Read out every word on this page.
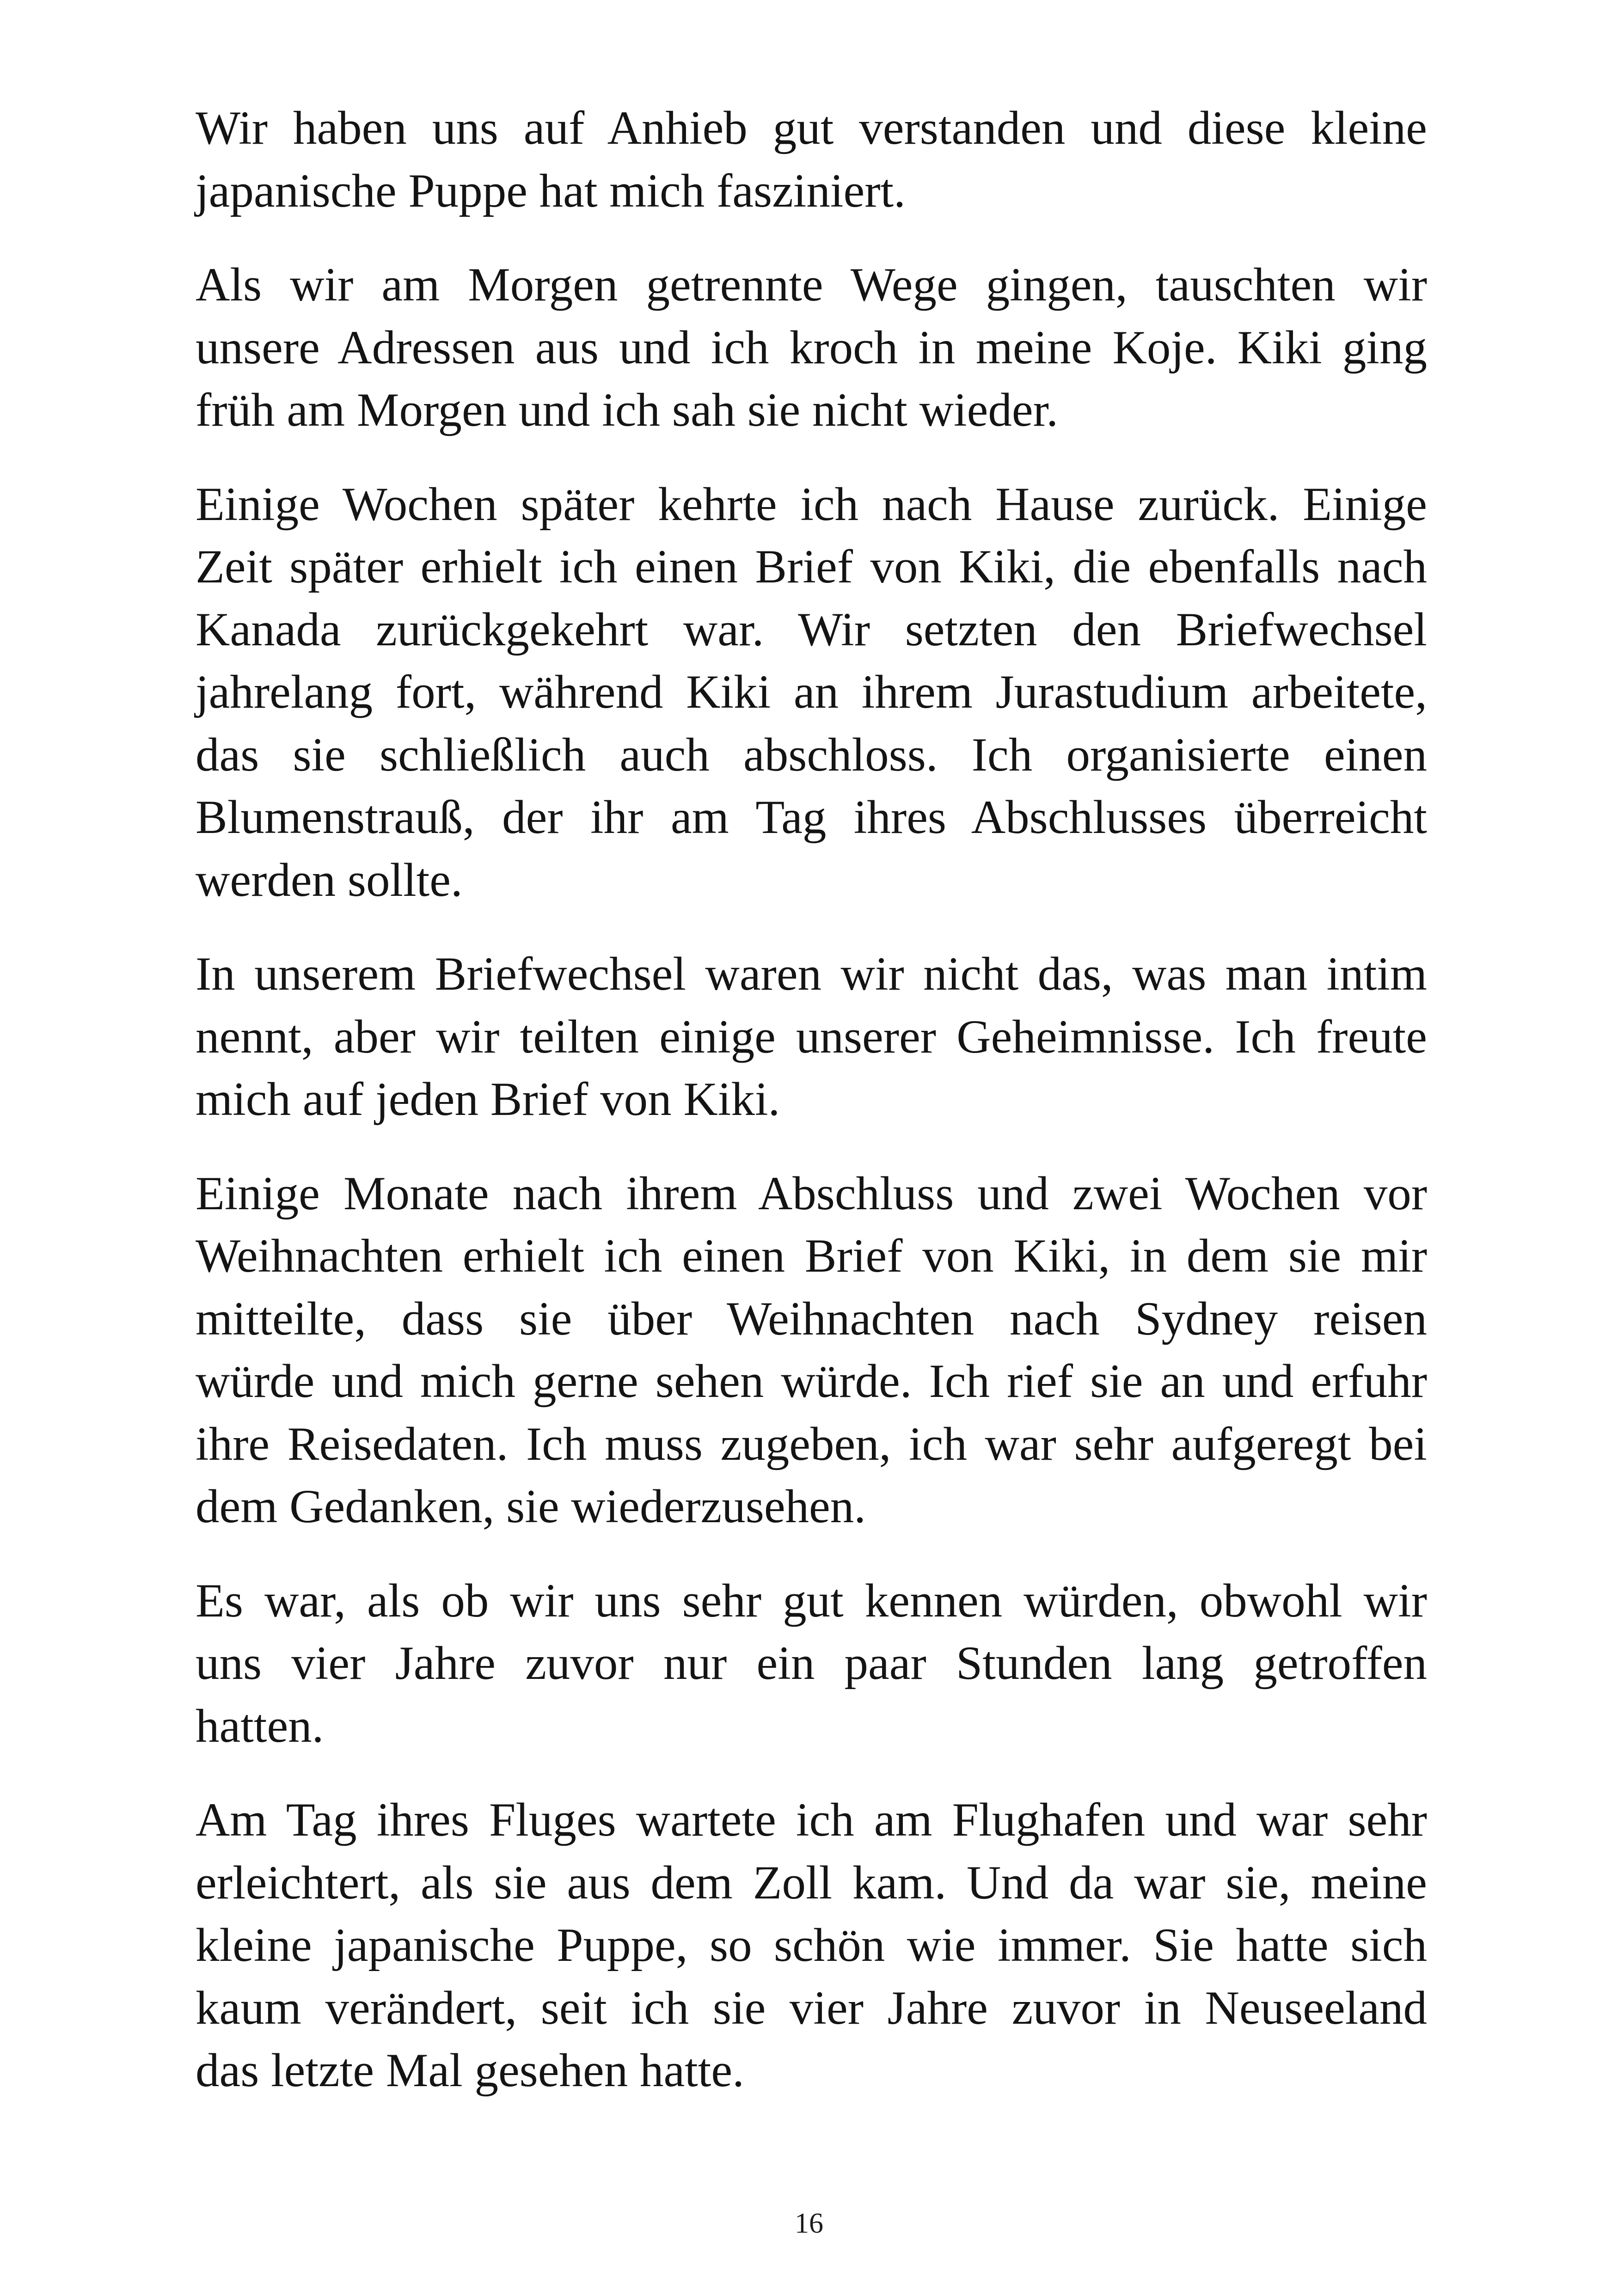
Wir haben uns auf Anhieb gut verstanden und diese kleine
japanische Puppe hat mich fasziniert.
Als wir am Morgen getrennte Wege gingen, tauschten wir
unsere Adressen aus und ich kroch in meine Koje. Kiki ging
früh am Morgen und ich sah sie nicht wieder.
Einige Wochen später kehrte ich nach Hause zurück. Einige
Zeit später erhielt ich einen Brief von Kiki, die ebenfalls nach
Kanada zurückgekehrt war. Wir setzten den Briefwechsel
jahrelang fort, während Kiki an ihrem Jurastudium arbeitete,
das sie schließlich auch abschloss. Ich organisierte einen
Blumenstrauß, der ihr am Tag ihres Abschlusses überreicht
werden sollte.
In unserem Briefwechsel waren wir nicht das, was man intim
nennt, aber wir teilten einige unserer Geheimnisse. Ich freute
mich auf jeden Brief von Kiki.
Einige Monate nach ihrem Abschluss und zwei Wochen vor
Weihnachten erhielt ich einen Brief von Kiki, in dem sie mir
mitteilte, dass sie über Weihnachten nach Sydney reisen
würde und mich gerne sehen würde. Ich rief sie an und erfuhr
ihre Reisedaten. Ich muss zugeben, ich war sehr aufgeregt bei
dem Gedanken, sie wiederzusehen.
Es war, als ob wir uns sehr gut kennen würden, obwohl wir
uns vier Jahre zuvor nur ein paar Stunden lang getroffen
hatten.
Am Tag ihres Fluges wartete ich am Flughafen und war sehr
erleichtert, als sie aus dem Zoll kam. Und da war sie, meine
kleine japanische Puppe, so schön wie immer. Sie hatte sich
kaum verändert, seit ich sie vier Jahre zuvor in Neuseeland
das letzte Mal gesehen hatte.
16
